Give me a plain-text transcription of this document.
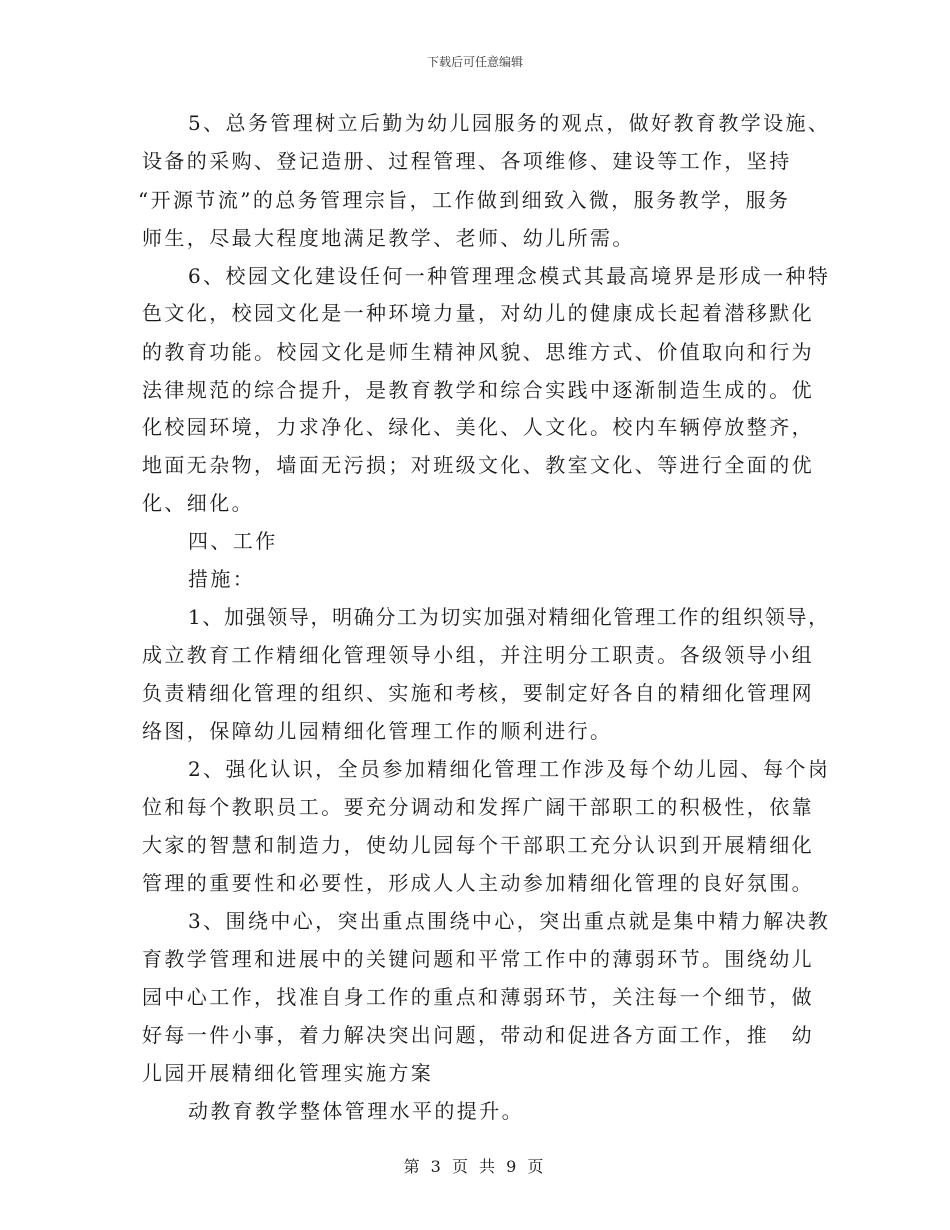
下载后可任意编辑
5、总务管理树立后勤为幼儿园服务的观点，做好教育教学设施、
设备的采购、登记造册、过程管理、各项维修、建设等工作，坚持
“开源节流”的总务管理宗旨，工作做到细致入微，服务教学，服务
师生，尽最大程度地满足教学、老师、幼儿所需。
6、校园文化建设任何一种管理理念模式其最高境界是形成一种特
色文化，校园文化是一种环境力量，对幼儿的健康成长起着潜移默化
的教育功能。校园文化是师生精神风貌、思维方式、价值取向和行为
法律规范的综合提升，是教育教学和综合实践中逐渐制造生成的。优
化校园环境，力求净化、绿化、美化、人文化。校内车辆停放整齐，
地面无杂物，墙面无污损；对班级文化、教室文化、等进行全面的优
化、细化。
四、工作
措施：
1、加强领导，明确分工为切实加强对精细化管理工作的组织领导，
成立教育工作精细化管理领导小组，并注明分工职责。各级领导小组
负责精细化管理的组织、实施和考核，要制定好各自的精细化管理网
络图，保障幼儿园精细化管理工作的顺利进行。
2、强化认识，全员参加精细化管理工作涉及每个幼儿园、每个岗
位和每个教职员工。要充分调动和发挥广阔干部职工的积极性，依靠
大家的智慧和制造力，使幼儿园每个干部职工充分认识到开展精细化
管理的重要性和必要性，形成人人主动参加精细化管理的良好氛围。
3、围绕中心，突出重点围绕中心，突出重点就是集中精力解决教
育教学管理和进展中的关键问题和平常工作中的薄弱环节。围绕幼儿
园中心工作，找准自身工作的重点和薄弱环节，关注每一个细节，做
好每一件小事，着力解决突出问题，带动和促进各方面工作，推　幼
儿园开展精细化管理实施方案
动教育教学整体管理水平的提升。
第 3 页 共 9 页
